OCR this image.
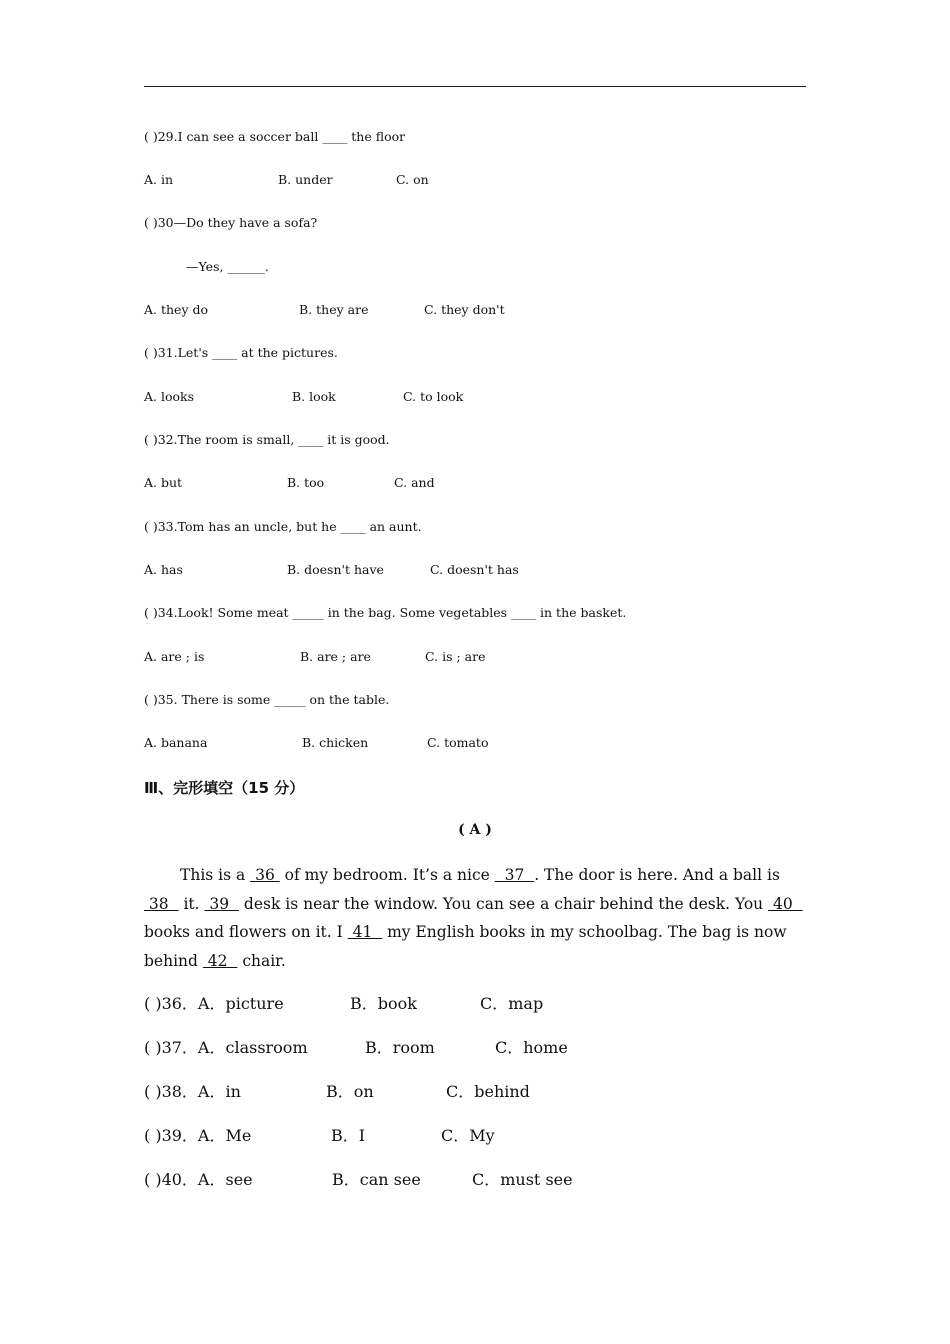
( )29.I can see a soccer ball ____ the floor
A. in	B. under	C. on
( )30—Do they have a sofa?
—Yes, ______.
A. they do	B. they are	C. they don't
( )31.Let's ____ at the pictures.
A. looks	B. look	C. to look
( )32.The room is small, ____ it is good.
A. but	B. too	C. and
( )33.Tom has an uncle, but he ____ an aunt.
A. has	B. doesn't have	C. doesn't has
( )34.Look! Some meat _____ in the bag. Some vegetables ____ in the basket.
A. are ; is	B. are ; are	C. is ; are
( )35. There is some _____ on the table.
A. banana	B. chicken	C. tomato
Ⅲ、完形填空（15 分）
( A )
This is a  36  of my bedroom. It’s a nice   37  . The door is here. And a ball is  38   it.  39   desk is near the window. You can see a chair behind the desk. You  40   books and flowers on it. I  41   my English books in my schoolbag. The bag is now behind  42   chair.
( )36．A．picture	B．book	C．map
( )37．A．classroom	B．room	C．home
( )38．A．in	B．on	C．behind
( )39．A．Me	B．I	C．My
( )40．A．see	B．can see	C．must see
